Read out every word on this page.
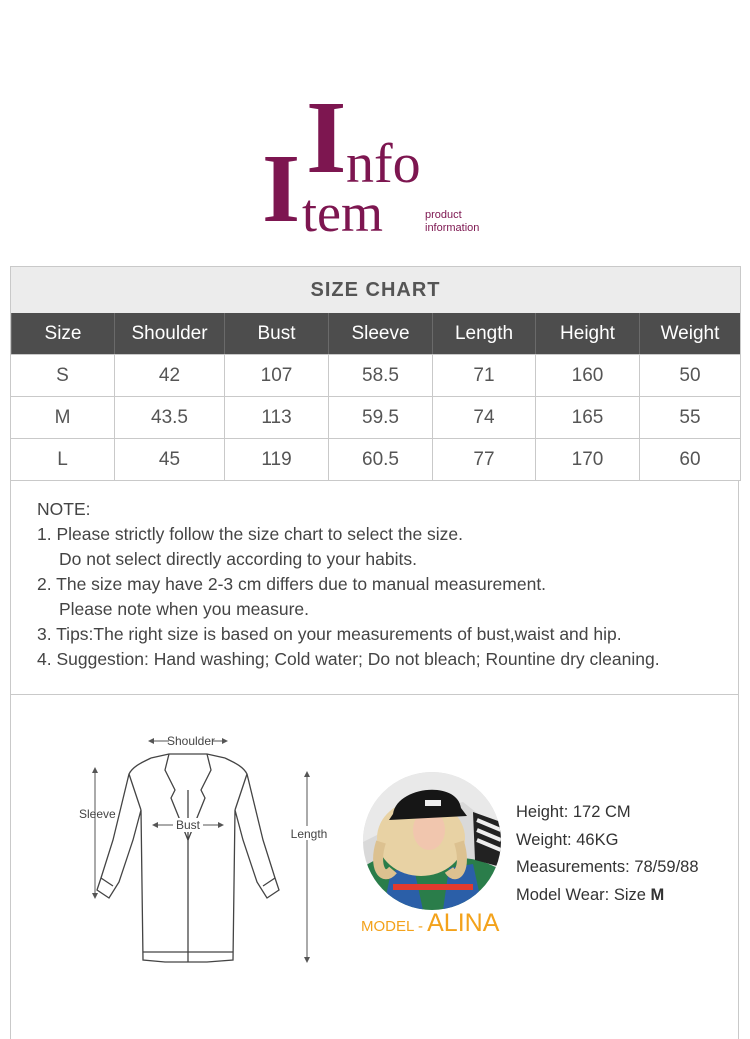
I nfo
I tem	product
information
SIZE CHART
Size	Shoulder	Bust	Sleeve	Length	Height	Weight
S	42	107	58.5	71	160	50
M	43.5	113	59.5	74	165	55
L	45	119	60.5	77	170	60
NOTE:
1. Please strictly follow the size chart to select the size.
Do not select directly according to your habits.
2. The size may have 2-3 cm differs due to manual measurement.
Please note when you measure.
3. Tips:The right size is based on your measurements of bust,waist and hip.
4. Suggestion: Hand washing; Cold water; Do not bleach; Rountine dry cleaning.
Shoulder
Sleeve
Bust
Length
MODEL - ALINA
Height: 172 CM
Weight: 46KG
Measurements: 78/59/88
Model Wear: Size M
